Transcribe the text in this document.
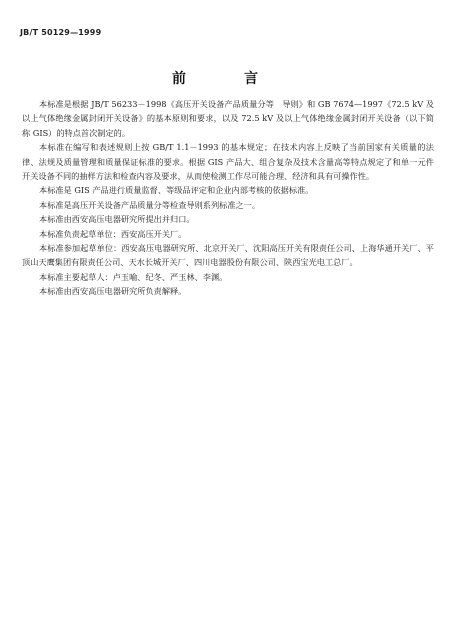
JB/T 50129—1999
前　言

本标准是根据 JB/T 56233－1998《高压开关设备产品质量分等　导则》和 GB 7674—1997《72.5 kV 及以上气体绝缘金属封闭开关设备》的基本原则和要求，以及 72.5 kV 及以上气体绝缘金属封闭开关设备（以下简称 GIS）的特点首次制定的。

本标准在编写和表述规则上按 GB/T 1.1－1993 的基本规定；在技术内容上反映了当前国家有关质量的法律、法规及质量管理和质量保证标准的要求。根据 GIS 产品大、组合复杂及技术含量高等特点规定了和单一元件开关设备不同的抽样方法和检查内容及要求，从而使检测工作尽可能合理、经济和具有可操作性。

本标准是 GIS 产品进行质量监督、等级品评定和企业内部考核的依据标准。

本标准是高压开关设备产品质量分等检查导则系列标准之一。

本标准由西安高压电器研究所提出并归口。

本标准负责起草单位：西安高压开关厂。

本标准参加起草单位：西安高压电器研究所、北京开关厂、沈阳高压开关有限责任公司、上海华通开关厂、平顶山天鹰集团有限责任公司、天水长城开关厂、四川电器股份有限公司、陕西宝光电工总厂。

本标准主要起草人：卢玉喻、纪冬、严玉林、李渊。

本标准由西安高压电器研究所负责解释。
